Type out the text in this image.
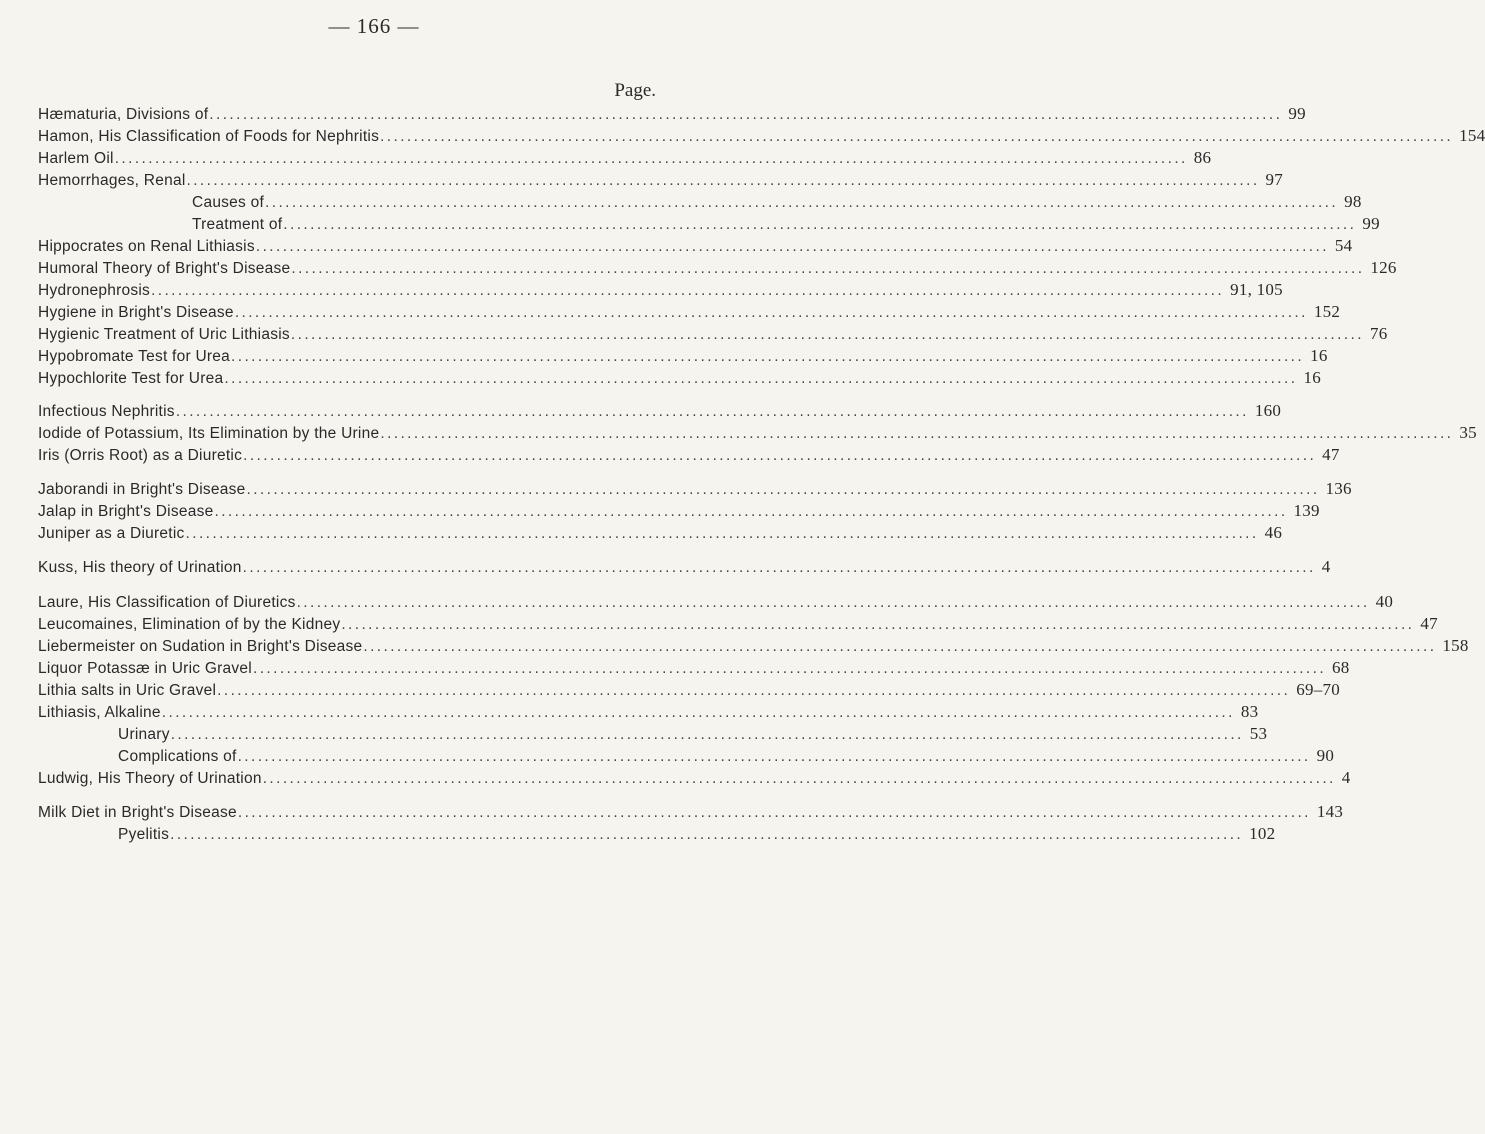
— 166 —
Page.
Hæmaturia, Divisions of ................................................................................................................................................................ 99
Hamon, His Classification of Foods for Nephritis ................................................................................................................................................................ 154
Harlem Oil ................................................................................................................................................................ 86
Hemorrhages, Renal ................................................................................................................................................................ 97
Causes of ................................................................................................................................................................ 98
Treatment of ................................................................................................................................................................ 99
Hippocrates on Renal Lithiasis ................................................................................................................................................................ 54
Humoral Theory of Bright's Disease ................................................................................................................................................................ 126
Hydronephrosis ................................................................................................................................................................ 91, 105
Hygiene in Bright's Disease ................................................................................................................................................................ 152
Hygienic Treatment of Uric Lithiasis ................................................................................................................................................................ 76
Hypobromate Test for Urea ................................................................................................................................................................ 16
Hypochlorite Test for Urea ................................................................................................................................................................ 16
Infectious Nephritis ................................................................................................................................................................ 160
Iodide of Potassium, Its Elimination by the Urine ................................................................................................................................................................ 35
Iris (Orris Root) as a Diuretic ................................................................................................................................................................ 47
Jaborandi in Bright's Disease ................................................................................................................................................................ 136
Jalap in Bright's Disease ................................................................................................................................................................ 139
Juniper as a Diuretic ................................................................................................................................................................ 46
Kuss, His theory of Urination ................................................................................................................................................................ 4
Laure, His Classification of Diuretics ................................................................................................................................................................ 40
Leucomaines, Elimination of by the Kidney ................................................................................................................................................................ 47
Liebermeister on Sudation in Bright's Disease ................................................................................................................................................................ 158
Liquor Potassæ in Uric Gravel ................................................................................................................................................................ 68
Lithia salts in Uric Gravel ................................................................................................................................................................ 69–70
Lithiasis, Alkaline ................................................................................................................................................................ 83
Urinary ................................................................................................................................................................ 53
Complications of ................................................................................................................................................................ 90
Ludwig, His Theory of Urination ................................................................................................................................................................ 4
Milk Diet in Bright's Disease ................................................................................................................................................................ 143
Pyelitis ................................................................................................................................................................ 102
